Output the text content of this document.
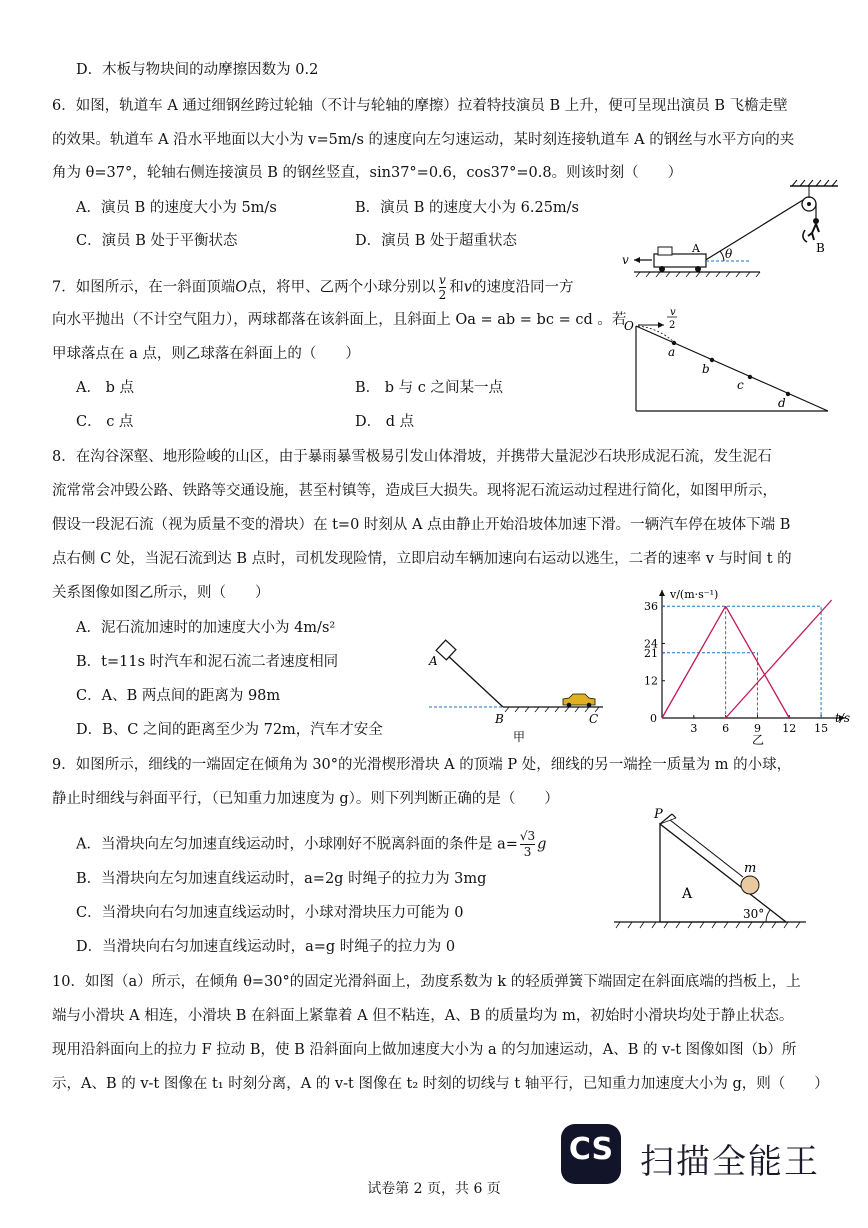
D．木板与物块间的动摩擦因数为 0.2
6．如图，轨道车 A 通过细钢丝跨过轮轴（不计与轮轴的摩擦）拉着特技演员 B 上升，便可呈现出演员 B 飞檐走壁
的效果。轨道车 A 沿水平地面以大小为 v=5m/s 的速度向左匀速运动，某时刻连接轨道车 A 的钢丝与水平方向的夹
角为 θ=37°，轮轴右侧连接演员 B 的钢丝竖直，sin37°=0.6，cos37°=0.8。则该时刻（　　）
A．演员 B 的速度大小为 5m/s	B．演员 B 的速度大小为 6.25m/s
C．演员 B 处于平衡状态	D．演员 B 处于超重状态	B
A θ
v
7．如图所示，在一斜面顶端O点，将甲、乙两个小球分别以 $\frac{v}{2}$ 和v的速度沿同一方
向水平抛出（不计空气阻力），两球都落在该斜面上，且斜面上 Oa = ab = bc = cd 。若
甲球落点在 a 点，则乙球落在斜面上的（　　）
A． b 点	B． b 与 c 之间某一点
C． c 点	D． d 点
O
v
2
a
b
c
d
8．在沟谷深壑、地形险峻的山区，由于暴雨暴雪极易引发山体滑坡，并携带大量泥沙石块形成泥石流，发生泥石
流常常会冲毁公路、铁路等交通设施，甚至村镇等，造成巨大损失。现将泥石流运动过程进行简化，如图甲所示，
假设一段泥石流（视为质量不变的滑块）在 t=0 时刻从 A 点由静止开始沿坡体加速下滑。一辆汽车停在坡体下端 B
点右侧 C 处，当泥石流到达 B 点时，司机发现险情，立即启动车辆加速向右运动以逃生，二者的速率 v 与时间 t 的
关系图像如图乙所示，则（　　）
A．泥石流加速时的加速度大小为 4m/s²
B．t=11s 时汽车和泥石流二者速度相同
C．A、B 两点间的距离为 98m
D．B、C 之间的距离至少为 72m，汽车才安全
A
B	C
甲
t/s
v/(m·s⁻¹)
0
3 6 9 12 15
12
21
24
36
乙
9．如图所示，细线的一端固定在倾角为 30°的光滑楔形滑块 A 的顶端 P 处，细线的另一端拴一质量为 m 的小球，
静止时细线与斜面平行，（已知重力加速度为 g）。则下列判断正确的是（　　）
A．当滑块向左匀加速直线运动时，小球刚好不脱离斜面的条件是 $a= \frac{√3}{3}$ g
B．当滑块向左匀加速直线运动时，a=2g 时绳子的拉力为 3mg
C．当滑块向右匀加速直线运动时，小球对滑块压力可能为 0
D．当滑块向右匀加速直线运动时，a=g 时绳子的拉力为 0
m
P
A
30°
10．如图（a）所示，在倾角 θ=30°的固定光滑斜面上，劲度系数为 k 的轻质弹簧下端固定在斜面底端的挡板上，上
端与小滑块 A 相连，小滑块 B 在斜面上紧靠着 A 但不粘连，A、B 的质量均为 m，初始时小滑块均处于静止状态。
现用沿斜面向上的拉力 F 拉动 B，使 B 沿斜面向上做加速度大小为 a 的匀加速运动，A、B 的 v-t 图像如图（b）所
示，A、B 的 v-t 图像在 t₁ 时刻分离，A 的 v-t 图像在 t₂ 时刻的切线与 t 轴平行，已知重力加速度大小为 g，则（　　）
CS 扫描全能王
试卷第 2 页，共 6 页
